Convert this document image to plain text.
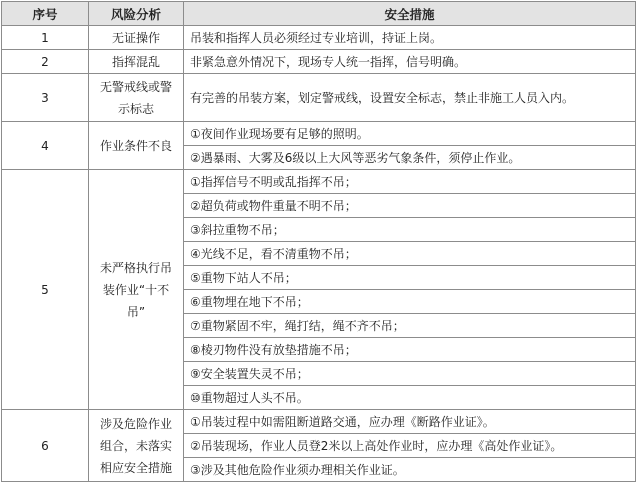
序号	风险分析	安全措施
1	无证操作	吊装和指挥人员必须经过专业培训，持证上岗。
2	指挥混乱	非紧急意外情况下，现场专人统一指挥，信号明确。
3	无警戒线或警示标志	有完善的吊装方案，划定警戒线，设置安全标志，禁止非施工人员入内。
4	作业条件不良	①夜间作业现场要有足够的照明。
		②遇暴雨、大雾及6级以上大风等恶劣气象条件，须停止作业。
5	未严格执行吊装作业“十不吊”	①指挥信号不明或乱指挥不吊；
		②超负荷或物件重量不明不吊；
		③斜拉重物不吊；
		④光线不足，看不清重物不吊；
		⑤重物下站人不吊；
		⑥重物埋在地下不吊；
		⑦重物紧固不牢，绳打结，绳不齐不吊；
		⑧棱刃物件没有放垫措施不吊；
		⑨安全装置失灵不吊；
		⑩重物超过人头不吊。
6	涉及危险作业组合，未落实相应安全措施	①吊装过程中如需阻断道路交通，应办理《断路作业证》。
		②吊装现场，作业人员登2米以上高处作业时，应办理《高处作业证》。
		③涉及其他危险作业须办理相关作业证。
